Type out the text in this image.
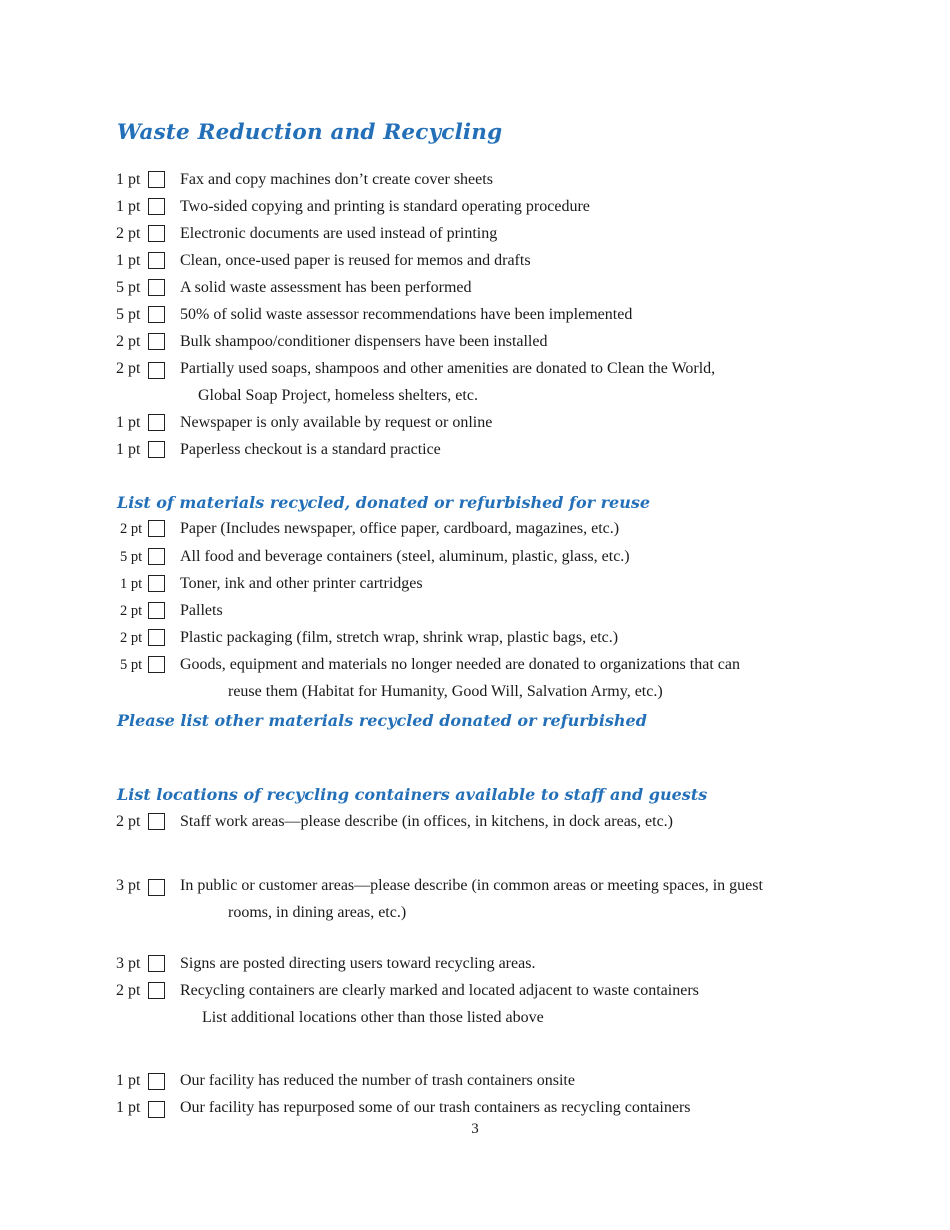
Waste Reduction and Recycling
1 pt Fax and copy machines don’t create cover sheets
1 pt Two-sided copying and printing is standard operating procedure
2 pt Electronic documents are used instead of printing
1 pt Clean, once-used paper is reused for memos and drafts
5 pt A solid waste assessment has been performed
5 pt 50% of solid waste assessor recommendations have been implemented
2 pt Bulk shampoo/conditioner dispensers have been installed
2 pt Partially used soaps, shampoos and other amenities are donated to Clean the World,
Global Soap Project, homeless shelters, etc.
1 pt Newspaper is only available by request or online
1 pt Paperless checkout is a standard practice
List of materials recycled, donated or refurbished for reuse
2 pt Paper (Includes newspaper, office paper, cardboard, magazines, etc.)
5 pt All food and beverage containers (steel, aluminum, plastic, glass, etc.)
1 pt Toner, ink and other printer cartridges
2 pt Pallets
2 pt Plastic packaging (film, stretch wrap, shrink wrap, plastic bags, etc.)
5 pt Goods, equipment and materials no longer needed are donated to organizations that can
reuse them (Habitat for Humanity, Good Will, Salvation Army, etc.)
Please list other materials recycled donated or refurbished
List locations of recycling containers available to staff and guests
2 pt Staff work areas—please describe (in offices, in kitchens, in dock areas, etc.)
3 pt In public or customer areas—please describe (in common areas or meeting spaces, in guest
rooms, in dining areas, etc.)
3 pt Signs are posted directing users toward recycling areas.
2 pt Recycling containers are clearly marked and located adjacent to waste containers
List additional locations other than those listed above
1 pt Our facility has reduced the number of trash containers onsite
1 pt Our facility has repurposed some of our trash containers as recycling containers
3
